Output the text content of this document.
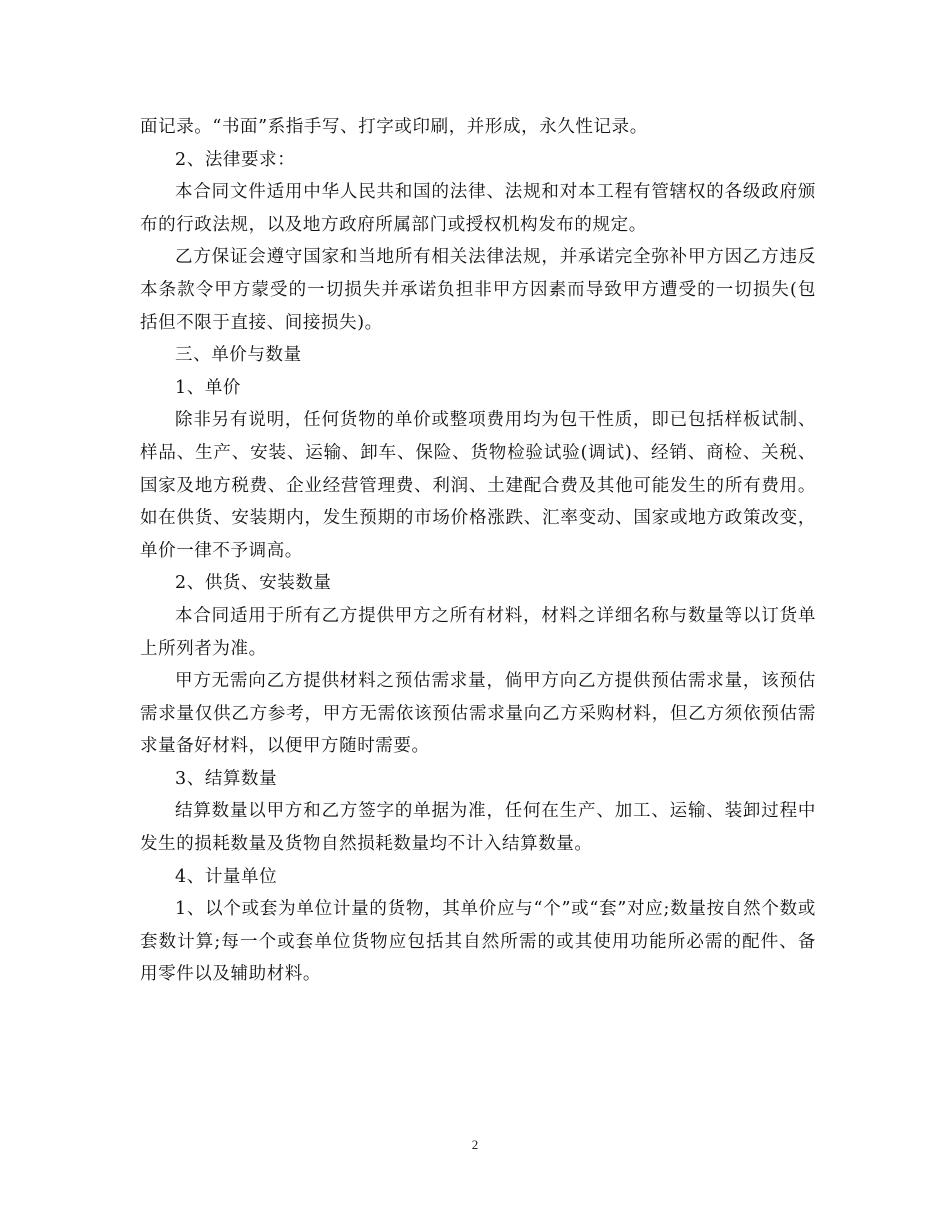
面记录。“书面”系指手写、打字或印刷，并形成，永久性记录。

2、法律要求：

本合同文件适用中华人民共和国的法律、法规和对本工程有管辖权的各级政府颁布的行政法规，以及地方政府所属部门或授权机构发布的规定。

乙方保证会遵守国家和当地所有相关法律法规，并承诺完全弥补甲方因乙方违反本条款令甲方蒙受的一切损失并承诺负担非甲方因素而导致甲方遭受的一切损失(包括但不限于直接、间接损失)。

三、单价与数量

1、单价

除非另有说明，任何货物的单价或整项费用均为包干性质，即已包括样板试制、样品、生产、安装、运输、卸车、保险、货物检验试验(调试)、经销、商检、关税、国家及地方税费、企业经营管理费、利润、土建配合费及其他可能发生的所有费用。如在供货、安装期内，发生预期的市场价格涨跌、汇率变动、国家或地方政策改变，单价一律不予调高。

2、供货、安装数量

本合同适用于所有乙方提供甲方之所有材料，材料之详细名称与数量等以订货单上所列者为准。

甲方无需向乙方提供材料之预估需求量，倘甲方向乙方提供预估需求量，该预估需求量仅供乙方参考，甲方无需依该预估需求量向乙方采购材料，但乙方须依预估需求量备好材料，以便甲方随时需要。

3、结算数量

结算数量以甲方和乙方签字的单据为准，任何在生产、加工、运输、装卸过程中发生的损耗数量及货物自然损耗数量均不计入结算数量。

4、计量单位

1、以个或套为单位计量的货物，其单价应与“个”或“套”对应;数量按自然个数或套数计算;每一个或套单位货物应包括其自然所需的或其使用功能所必需的配件、备用零件以及辅助材料。

2
